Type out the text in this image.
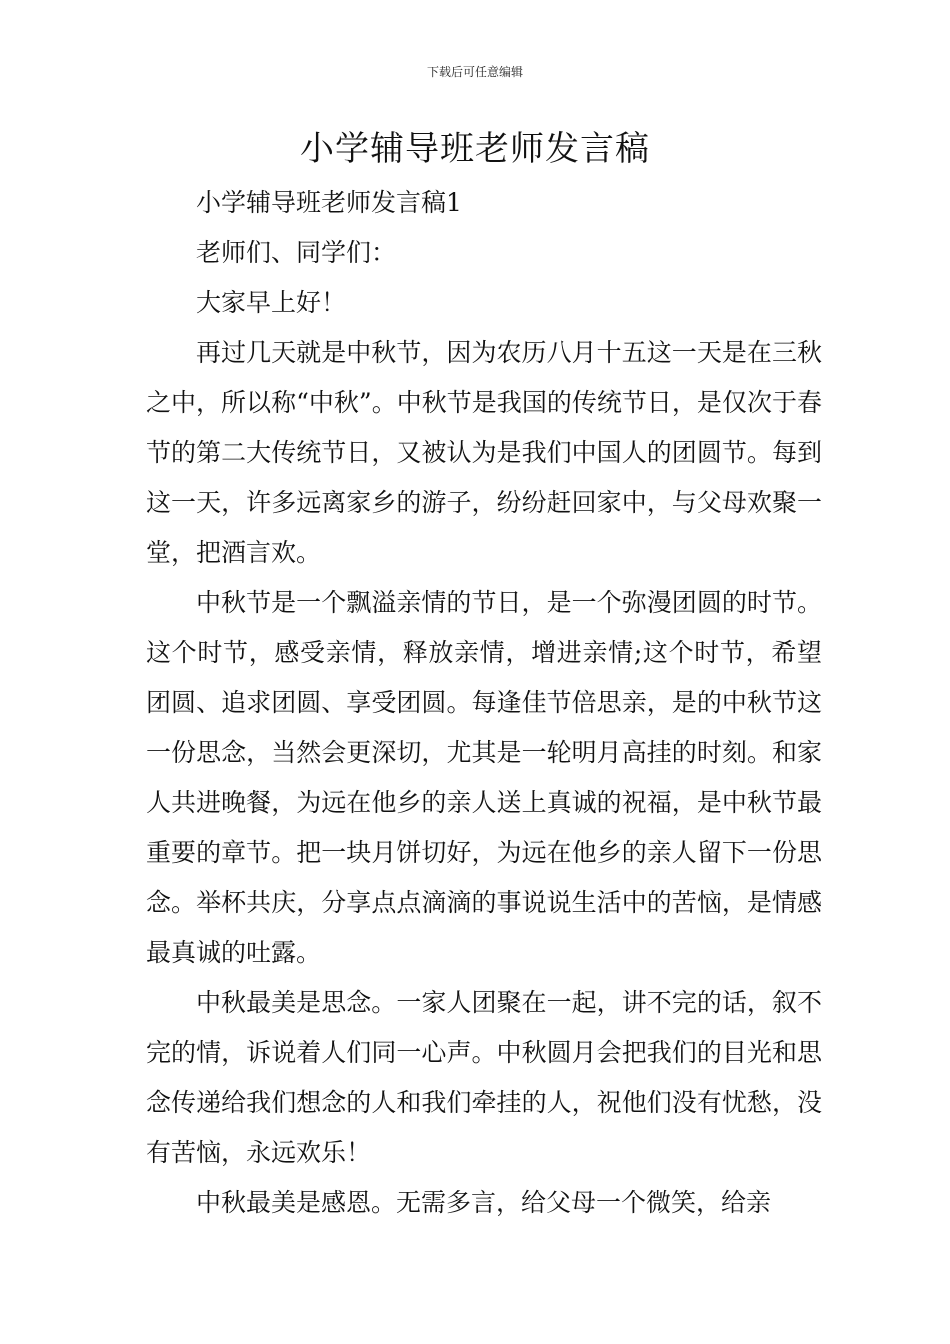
下载后可任意编辑
小学辅导班老师发言稿

小学辅导班老师发言稿1

老师们、同学们：

大家早上好！

再过几天就是中秋节，因为农历八月十五这一天是在三秋之中，所以称“中秋”。中秋节是我国的传统节日，是仅次于春节的第二大传统节日，又被认为是我们中国人的团圆节。每到这一天，许多远离家乡的游子，纷纷赶回家中，与父母欢聚一堂，把酒言欢。

中秋节是一个飘溢亲情的节日，是一个弥漫团圆的时节。这个时节，感受亲情，释放亲情，增进亲情;这个时节，希望团圆、追求团圆、享受团圆。每逢佳节倍思亲，是的中秋节这一份思念，当然会更深切，尤其是一轮明月高挂的时刻。和家人共进晚餐，为远在他乡的亲人送上真诚的祝福，是中秋节最重要的章节。把一块月饼切好，为远在他乡的亲人留下一份思念。举杯共庆，分享点点滴滴的事说说生活中的苦恼，是情感最真诚的吐露。

中秋最美是思念。一家人团聚在一起，讲不完的话，叙不完的情，诉说着人们同一心声。中秋圆月会把我们的目光和思念传递给我们想念的人和我们牵挂的人，祝他们没有忧愁，没有苦恼，永远欢乐！

中秋最美是感恩。无需多言，给父母一个微笑，给亲
